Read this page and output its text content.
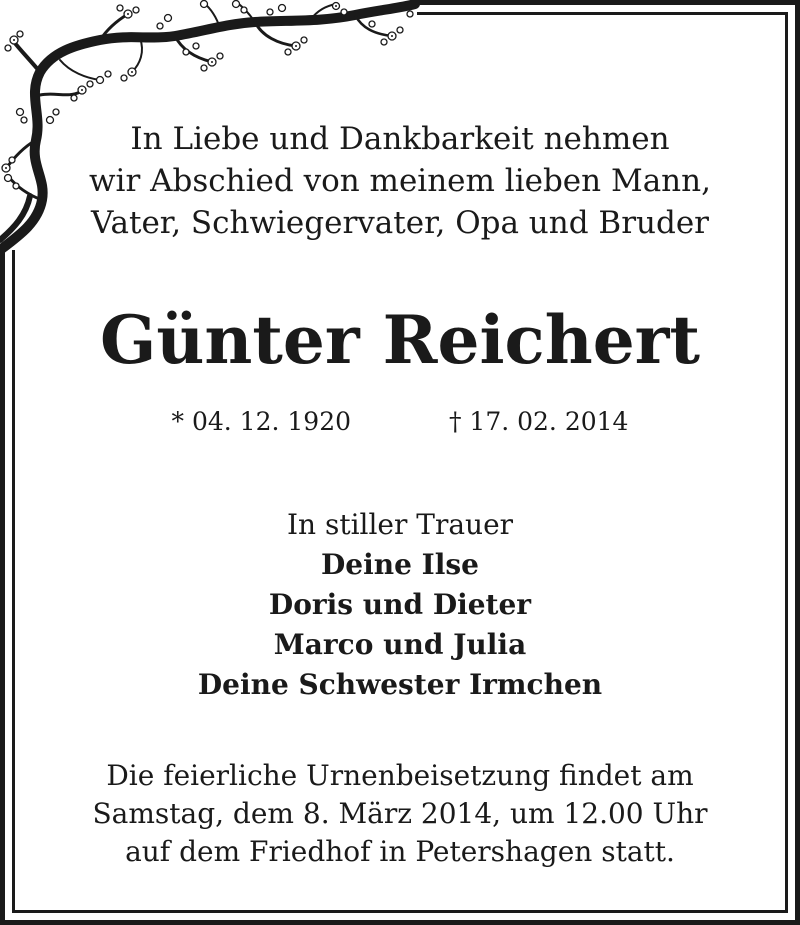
In Liebe und Dankbarkeit nehmen
wir Abschied von meinem lieben Mann,
Vater, Schwiegervater, Opa und Bruder
Günter Reichert
* 04. 12. 1920	† 17. 02. 2014
In stiller Trauer
Deine Ilse
Doris und Dieter
Marco und Julia
Deine Schwester Irmchen
Die feierliche Urnenbeisetzung findet am
Samstag, dem 8. März 2014, um 12.00 Uhr
auf dem Friedhof in Petershagen statt.
